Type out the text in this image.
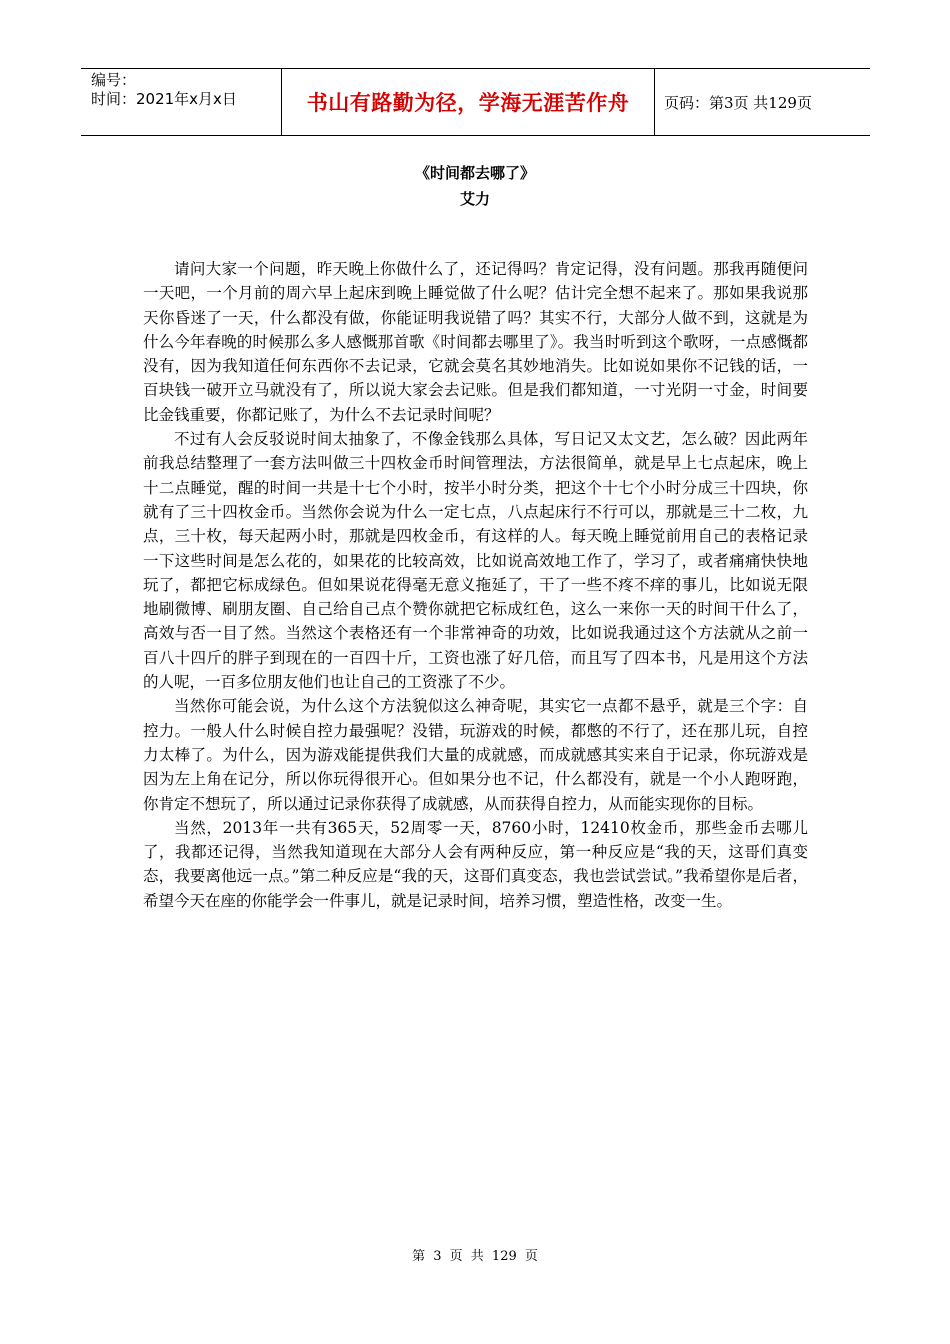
编号：
时间：2021年x月x日	书山有路勤为径，学海无涯苦作舟	页码：第3页 共129页
《时间都去哪了》
艾力

请问大家一个问题，昨天晚上你做什么了，还记得吗？肯定记得，没有问题。那我再随便问一天吧，一个月前的周六早上起床到晚上睡觉做了什么呢？估计完全想不起来了。那如果我说那天你昏迷了一天，什么都没有做，你能证明我说错了吗？其实不行，大部分人做不到，这就是为什么今年春晚的时候那么多人感慨那首歌《时间都去哪里了》。我当时听到这个歌呀，一点感慨都没有，因为我知道任何东西你不去记录，它就会莫名其妙地消失。比如说如果你不记钱的话，一百块钱一破开立马就没有了，所以说大家会去记账。但是我们都知道，一寸光阴一寸金，时间要比金钱重要，你都记账了，为什么不去记录时间呢？

不过有人会反驳说时间太抽象了，不像金钱那么具体，写日记又太文艺，怎么破？因此两年前我总结整理了一套方法叫做三十四枚金币时间管理法，方法很简单，就是早上七点起床，晚上十二点睡觉，醒的时间一共是十七个小时，按半小时分类，把这个十七个小时分成三十四块，你就有了三十四枚金币。当然你会说为什么一定七点，八点起床行不行可以，那就是三十二枚，九点，三十枚，每天起两小时，那就是四枚金币，有这样的人。每天晚上睡觉前用自己的表格记录一下这些时间是怎么花的，如果花的比较高效，比如说高效地工作了，学习了，或者痛痛快快地玩了，都把它标成绿色。但如果说花得毫无意义拖延了，干了一些不疼不痒的事儿，比如说无限地刷微博、刷朋友圈、自己给自己点个赞你就把它标成红色，这么一来你一天的时间干什么了，高效与否一目了然。当然这个表格还有一个非常神奇的功效，比如说我通过这个方法就从之前一百八十四斤的胖子到现在的一百四十斤，工资也涨了好几倍，而且写了四本书，凡是用这个方法的人呢，一百多位朋友他们也让自己的工资涨了不少。

当然你可能会说，为什么这个方法貌似这么神奇呢，其实它一点都不悬乎，就是三个字：自控力。一般人什么时候自控力最强呢？没错，玩游戏的时候，都憋的不行了，还在那儿玩，自控力太棒了。为什么，因为游戏能提供我们大量的成就感，而成就感其实来自于记录，你玩游戏是因为左上角在记分，所以你玩得很开心。但如果分也不记，什么都没有，就是一个小人跑呀跑，你肯定不想玩了，所以通过记录你获得了成就感，从而获得自控力，从而能实现你的目标。

当然，2013年一共有365天，52周零一天，8760小时，12410枚金币，那些金币去哪儿了，我都还记得，当然我知道现在大部分人会有两种反应，第一种反应是“我的天，这哥们真变态，我要离他远一点。”第二种反应是“我的天，这哥们真变态，我也尝试尝试。”我希望你是后者，希望今天在座的你能学会一件事儿，就是记录时间，培养习惯，塑造性格，改变一生。

第 3 页 共 129 页
